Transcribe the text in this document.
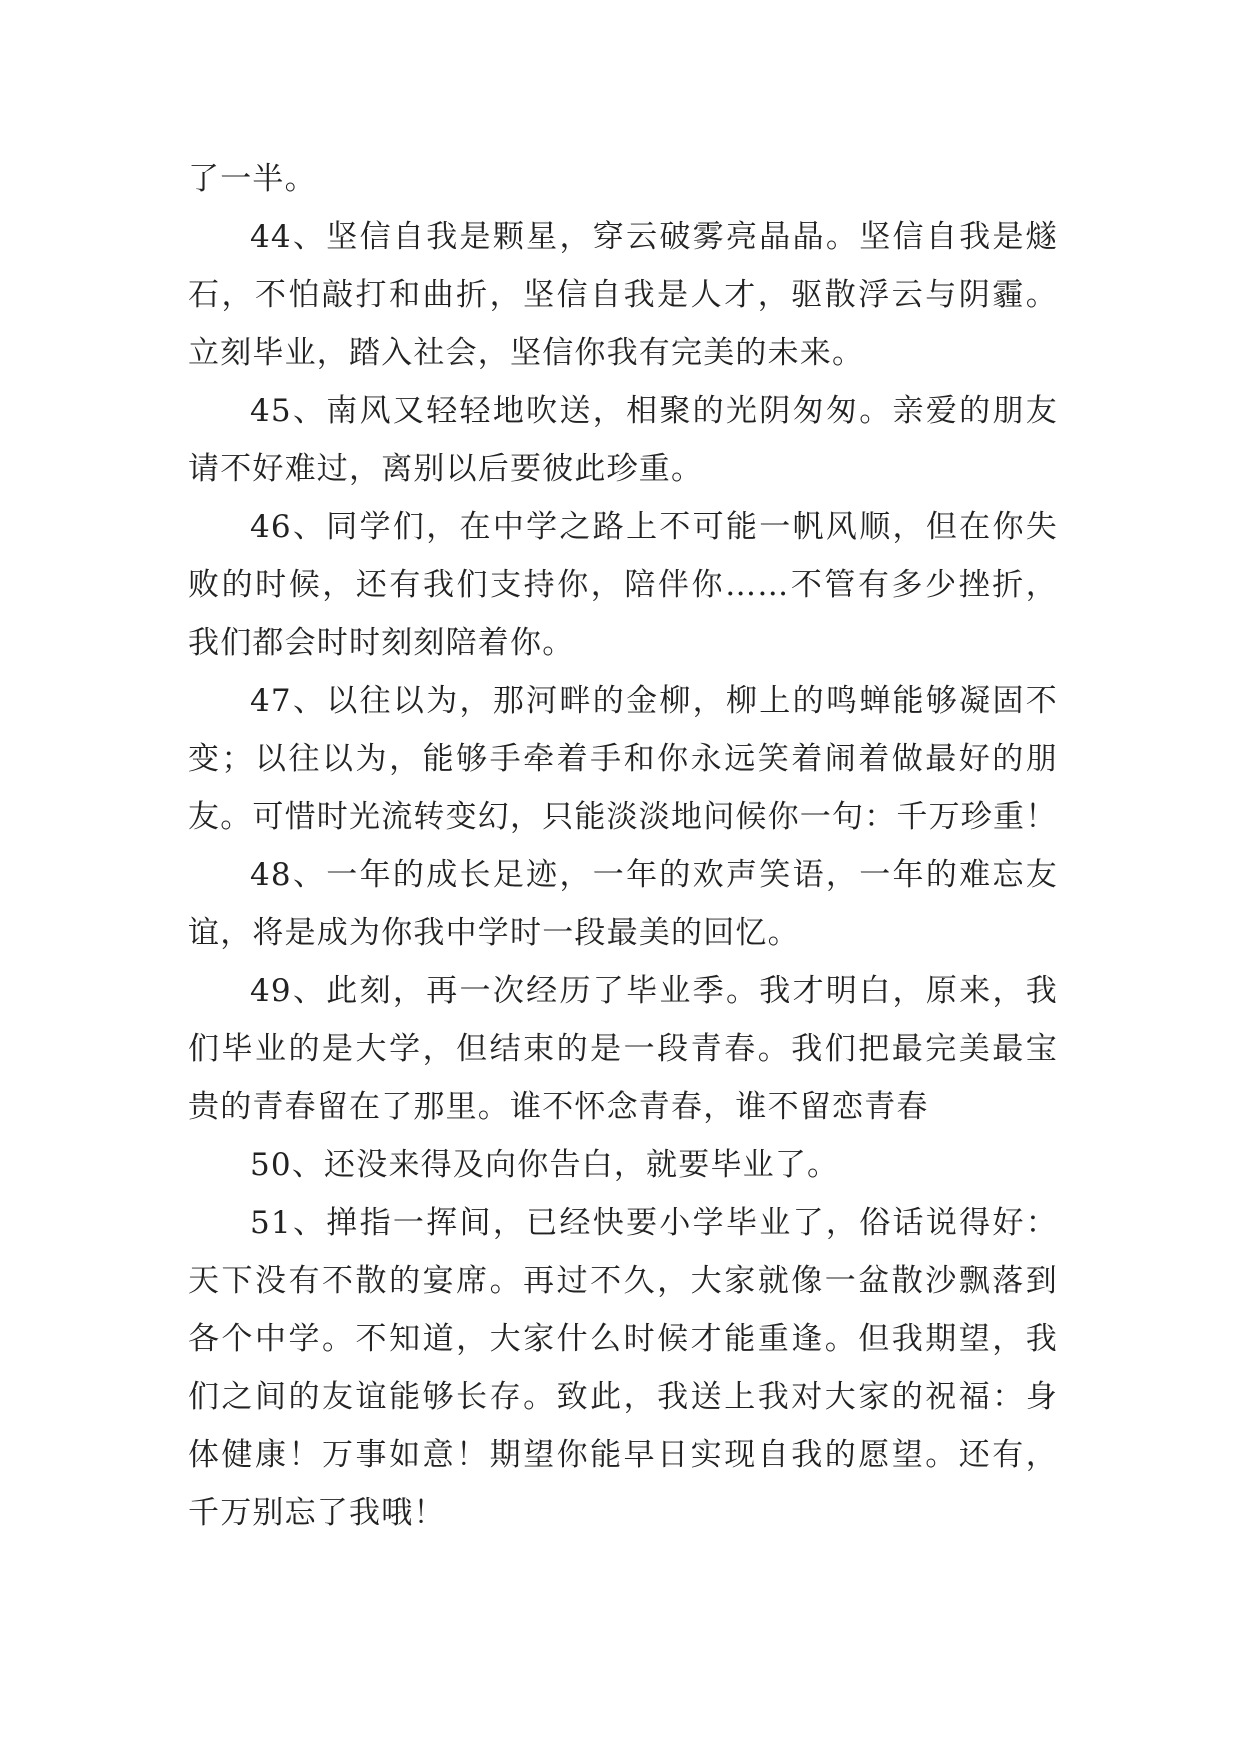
了一半。
44、坚信自我是颗星，穿云破雾亮晶晶。坚信自我是燧
石，不怕敲打和曲折，坚信自我是人才，驱散浮云与阴霾。
立刻毕业，踏入社会，坚信你我有完美的未来。
45、南风又轻轻地吹送，相聚的光阴匆匆。亲爱的朋友
请不好难过，离别以后要彼此珍重。
46、同学们，在中学之路上不可能一帆风顺，但在你失
败的时候，还有我们支持你，陪伴你……不管有多少挫折，
我们都会时时刻刻陪着你。
47、以往以为，那河畔的金柳，柳上的鸣蝉能够凝固不
变；以往以为，能够手牵着手和你永远笑着闹着做最好的朋
友。可惜时光流转变幻，只能淡淡地问候你一句：千万珍重！
48、一年的成长足迹，一年的欢声笑语，一年的难忘友
谊，将是成为你我中学时一段最美的回忆。
49、此刻，再一次经历了毕业季。我才明白，原来，我
们毕业的是大学，但结束的是一段青春。我们把最完美最宝
贵的青春留在了那里。谁不怀念青春，谁不留恋青春
50、还没来得及向你告白，就要毕业了。
51、掸指一挥间，已经快要小学毕业了，俗话说得好：
天下没有不散的宴席。再过不久，大家就像一盆散沙飘落到
各个中学。不知道，大家什么时候才能重逢。但我期望，我
们之间的友谊能够长存。致此，我送上我对大家的祝福：身
体健康！万事如意！期望你能早日实现自我的愿望。还有，
千万别忘了我哦！
